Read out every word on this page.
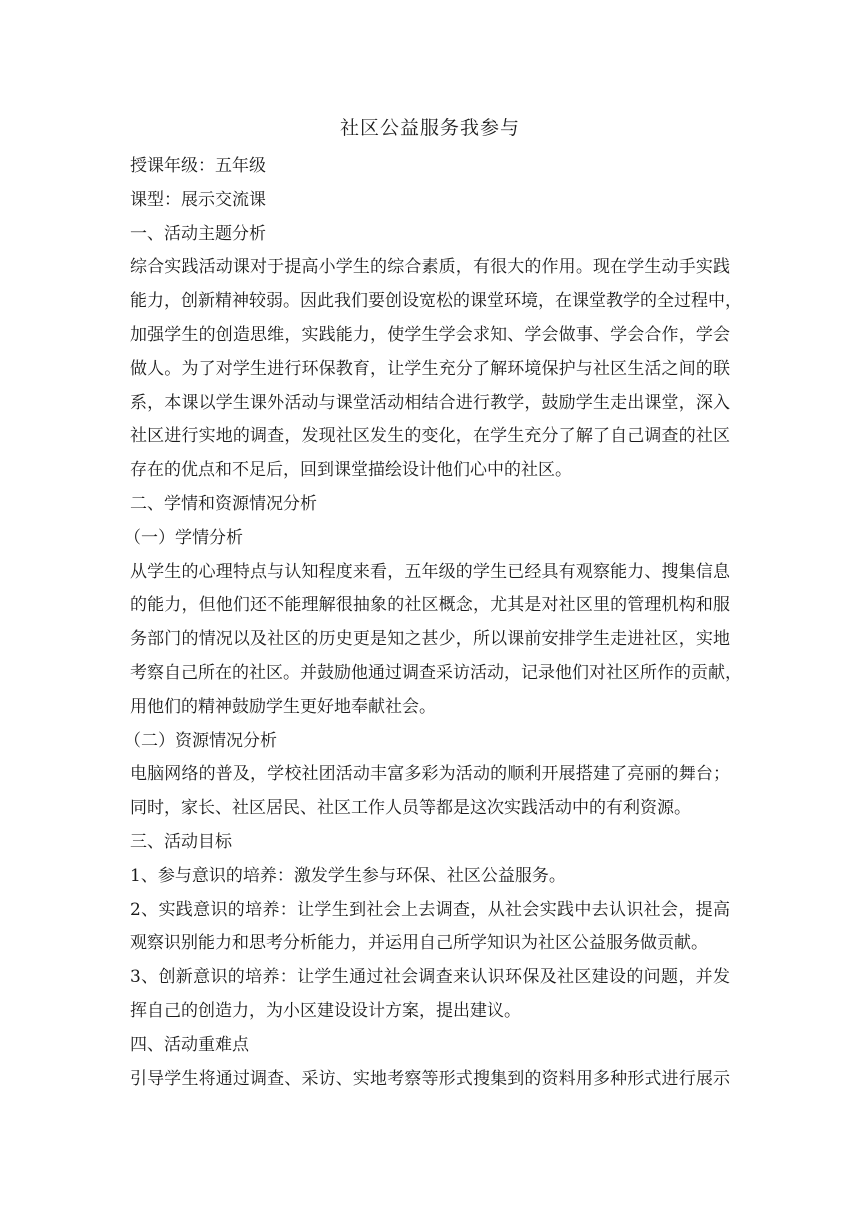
社区公益服务我参与

授课年级：五年级

课型：展示交流课

一、活动主题分析

综合实践活动课对于提高小学生的综合素质，有很大的作用。现在学生动手实践
能力，创新精神较弱。因此我们要创设宽松的课堂环境，在课堂教学的全过程中，
加强学生的创造思维，实践能力，使学生学会求知、学会做事、学会合作，学会
做人。为了对学生进行环保教育，让学生充分了解环境保护与社区生活之间的联
系，本课以学生课外活动与课堂活动相结合进行教学，鼓励学生走出课堂，深入
社区进行实地的调查，发现社区发生的变化，在学生充分了解了自己调查的社区
存在的优点和不足后，回到课堂描绘设计他们心中的社区。

二、学情和资源情况分析

（一）学情分析

从学生的心理特点与认知程度来看，五年级的学生已经具有观察能力、搜集信息
的能力，但他们还不能理解很抽象的社区概念，尤其是对社区里的管理机构和服
务部门的情况以及社区的历史更是知之甚少，所以课前安排学生走进社区，实地
考察自己所在的社区。并鼓励他通过调查采访活动，记录他们对社区所作的贡献，
用他们的精神鼓励学生更好地奉献社会。

（二）资源情况分析

电脑网络的普及，学校社团活动丰富多彩为活动的顺利开展搭建了亮丽的舞台；
同时，家长、社区居民、社区工作人员等都是这次实践活动中的有利资源。

三、活动目标

1、参与意识的培养：激发学生参与环保、社区公益服务。
2、实践意识的培养：让学生到社会上去调查，从社会实践中去认识社会，提高
观察识别能力和思考分析能力，并运用自己所学知识为社区公益服务做贡献。
3、创新意识的培养：让学生通过社会调查来认识环保及社区建设的问题，并发
挥自己的创造力，为小区建设设计方案，提出建议。

四、活动重难点

引导学生将通过调查、采访、实地考察等形式搜集到的资料用多种形式进行展示
